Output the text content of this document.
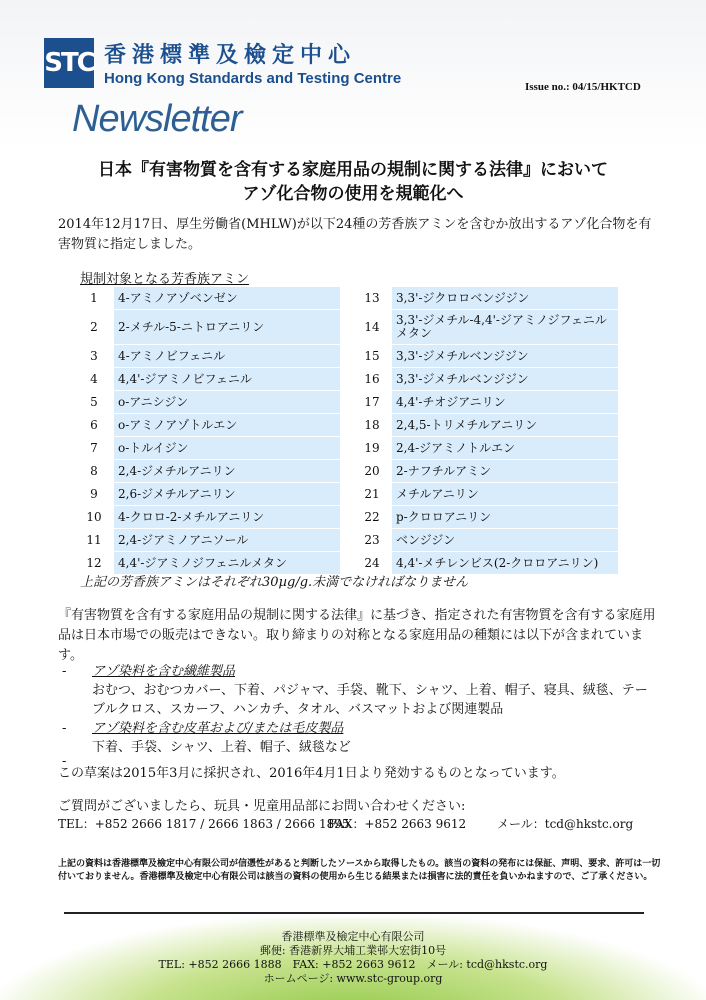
STC 香港標準及檢定中心
Hong Kong Standards and Testing Centre	Issue no.: 04/15/HKTCD
Newsletter
日本『有害物質を含有する家庭用品の規制に関する法律』において
アゾ化合物の使用を規範化へ
2014年12月17日、厚生労働省(MHLW)が以下24種の芳香族アミンを含むか放出するアゾ化合物を有害物質に指定しました。
規制対象となる芳香族アミン
1	4-アミノアゾベンゼン
2	2-メチル-5-ニトロアニリン
3	4-アミノビフェニル
4	4,4'-ジアミノビフェニル
5	o-アニシジン
6	o-アミノアゾトルエン
7	o-トルイジン
8	2,4-ジメチルアニリン
9	2,6-ジメチルアニリン
10	4-クロロ-2-メチルアニリン
11	2,4-ジアミノアニソール
12	4,4'-ジアミノジフェニルメタン
13	3,3'-ジクロロベンジジン
14	3,3'-ジメチル-4,4'-ジアミノジフェニルメタン
15	3,3'-ジメチルベンジジン
16	3,3'-ジメチルベンジジン
17	4,4'-チオジアニリン
18	2,4,5-トリメチルアニリン
19	2,4-ジアミノトルエン
20	2-ナフチルアミン
21	メチルアニリン
22	p-クロロアニリン
23	ベンジジン
24	4,4'-メチレンビス(2-クロロアニリン)
上記の芳香族アミンはそれぞれ30µg/g.未満でなければなりません
『有害物質を含有する家庭用品の規制に関する法律』に基づき、指定された有害物質を含有する家庭用品は日本市場での販売はできない。取り締まりの対称となる家庭用品の種類には以下が含まれています。
- アゾ染料を含む繊維製品
おむつ、おむつカバー、下着、パジャマ、手袋、靴下、シャツ、上着、帽子、寝具、絨毯、テーブルクロス、スカーフ、ハンカチ、タオル、バスマットおよび関連製品
- アゾ染料を含む皮革および/または毛皮製品
下着、手袋、シャツ、上着、帽子、絨毯など
-
この草案は2015年3月に採択され、2016年4月1日より発効するものとなっています。
ご質問がございましたら、玩具・児童用品部にお問い合わせください:
TEL：+852 2666 1817 / 2666 1863 / 2666 1895
FAX：+852 2663 9612	メール：tcd@hkstc.org
上記の資料は香港標準及檢定中心有限公司が信憑性があると判断したソースから取得したもの。該当の資料の発布には保証、声明、要求、許可は一切付いておりません。香港標準及檢定中心有限公司は該当の資料の使用から生じる結果または損害に法的責任を負いかねますので、ご了承ください。
香港標準及檢定中心有限公司
郵便: 香港新界大埔工業邨大宏街10号
TEL: +852 2666 1888　FAX: +852 2663 9612　メール: tcd@hkstc.org
ホームページ: www.stc-group.org
